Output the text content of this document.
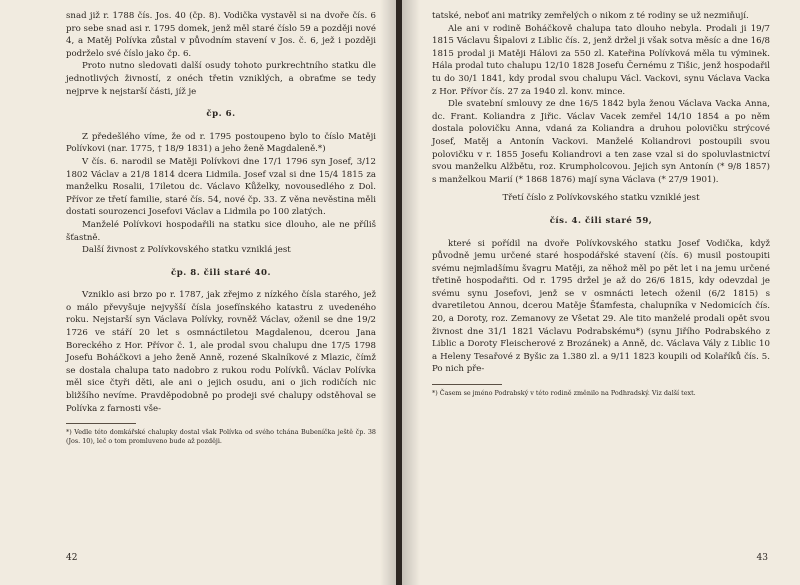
snad již r. 1788 čís. Jos. 40 (čp. 8). Vodička vystavěl si na dvoře čís. 6 pro sebe snad asi r. 1795 domek, jenž měl staré číslo 59 a později nové 4, a Matěj Polívka zůstal v původním stavení v Jos. č. 6, jež i později podrželo své číslo jako čp. 6.

Proto nutno sledovati další osudy tohoto purkrechtního statku dle jednotlivých živností, z onéch třetin vzniklých, a obraťme se tedy nejprve k nejstarší části, jíž je

čp. 6.

Z předešlého víme, že od r. 1795 postoupeno bylo to číslo Matěji Polívkovi (nar. 1775, † 18/9 1831) a jeho ženě Magdaleně.*)

V čís. 6. narodil se Matěji Polívkovi dne 17/1 1796 syn Josef, 3/12 1802 Václav a 21/8 1814 dcera Lidmila. Josef vzal si dne 15/4 1815 za manželku Rosalii, 17iletou dc. Václavo Kůželky, novousedlého z Dol. Přívor ze třetí familie, staré čís. 54, nové čp. 33. Z věna nevěstina měli dostati sourozenci Josefovi Václav a Lidmila po 100 zlatých.

Manželé Polívkovi hospodařili na statku sice dlouho, ale ne příliš šťastně.

Další živnost z Polívkovského statku vzniklá jest

čp. 8. čili staré 40.

Vzniklo asi brzo po r. 1787, jak zřejmo z nízkého čísla starého, jež o málo převyšuje nejvyšší čísla josefínského katastru z uvedeného roku. Nejstarší syn Václava Polívky, rovněž Václav, oženil se dne 19/2 1726 ve stáří 20 let s osmnáctiletou Magdalenou, dcerou Jana Boreckého z Hor. Přívor č. 1, ale prodal svou chalupu dne 17/5 1798 Josefu Boháčkovi a jeho ženě Anně, rozené Skalníkové z Mlazic, čímž se dostala chalupa tato nadobro z rukou rodu Polívků. Václav Polívka měl sice čtyři děti, ale ani o jejich osudu, ani o jich rodičích nic bližšího nevíme. Pravděpodobně po prodeji své chalupy odstěhoval se Polívka z farnosti vše-

*) Vedle této domkářské chalupky dostal však Polívka od svého tchána Bubeníčka ještě čp. 38 (Jos. 10), leč o tom promluveno bude až později.

42

tatské, neboť ani matriky zemřelých o nikom z té rodiny se už nezmiňují.

Ale ani v rodině Boháčkově chalupa tato dlouho nebyla. Prodali ji 19/7 1815 Václavu Šipalovi z Liblic čís. 2, jenž držel ji však sotva měsíc a dne 16/8 1815 prodal ji Matěji Hálovi za 550 zl. Kateřina Polívková měla tu výminek. Hála prodal tuto chalupu 12/10 1828 Josefu Černému z Tišic, jenž hospodařil tu do 30/1 1841, kdy prodal svou chalupu Václ. Vackovi, synu Václava Vacka z Hor. Přívor čís. 27 za 1940 zl. konv. mince.

Dle svatební smlouvy ze dne 16/5 1842 byla ženou Václava Vacka Anna, dc. Frant. Koliandra z Jiřic. Václav Vacek zemřel 14/10 1854 a po něm dostala polovičku Anna, vdaná za Koliandra a druhou polovičku strýcové Josef, Matěj a Antonín Vackovi. Manželé Koliandrovi postoupili svou polovičku v r. 1855 Josefu Koliandrovi a ten zase vzal si do spoluvlastnictví svou manželku Alžbětu, roz. Krumpholcovou. Jejich syn Antonín (* 9/8 1857) s manželkou Marií (* 1868 1876) mají syna Václava (* 27/9 1901).

Třetí číslo z Polívkovského statku vzniklé jest
čís. 4. čili staré 59,

které si pořídil na dvoře Polívkovského statku Josef Vodička, když původně jemu určené staré hospodářské stavení (čís. 6) musil postoupiti svému nejmladšímu švagru Matěji, za něhož měl po pět let i na jemu určené třetině hospodařiti. Od r. 1795 držel je až do 26/6 1815, kdy odevzdal je svému synu Josefovi, jenž se v osmnácti letech oženil (6/2 1815) s dvaretiletou Annou, dcerou Matěje Šťamfesta, chalupníka v Nedomicích čís. 20, a Doroty, roz. Zemanovy ze Všetat 29. Ale tito manželé prodali opět svou živnost dne 31/1 1821 Václavu Podrabskému*) (synu Jiřího Podrabského z Liblic a Doroty Fleischerové z Brozánek) a Anně, dc. Václava Vály z Liblic 10 a Heleny Tesařové z Byšic za 1.380 zl. a 9/11 1823 koupili od Kolaříků čís. 5. Po nich pře-

*) Časem se jméno Podrabský v této rodině změnilo na Podhradský. Viz další text.

43
